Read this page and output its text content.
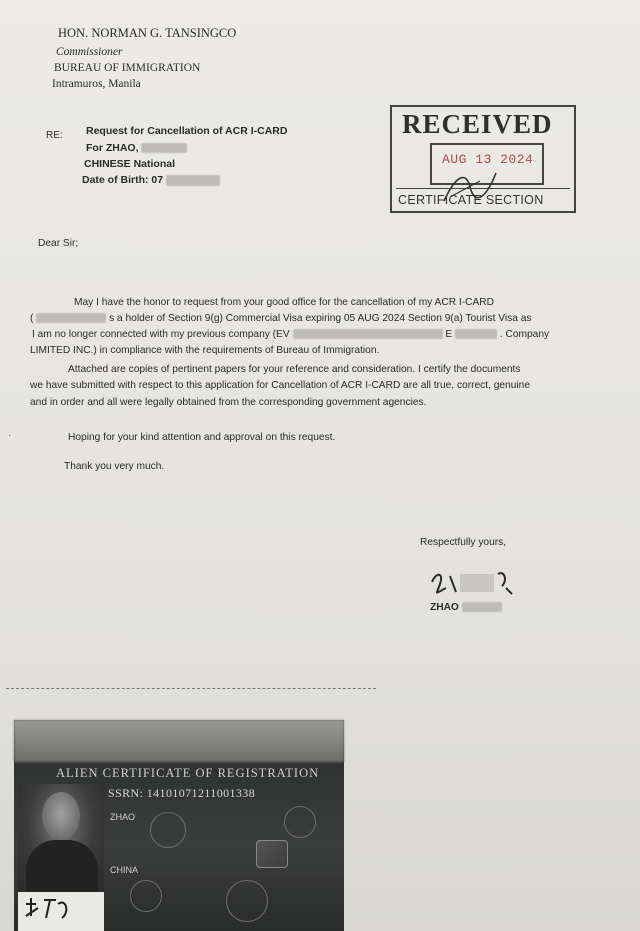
HON. NORMAN G. TANSINGCO
Commissioner
BUREAU OF IMMIGRATION
Intramuros, Manila
RE: Request for Cancellation of ACR I-CARD
For ZHAO,
CHINESE National
Date of Birth: 07
RECEIVED
AUG 13 2024
CERTIFICATE SECTION
Dear Sir;
May I have the honor to request from your good office for the cancellation of my ACR I-CARD
(	s a holder of Section 9(g) Commercial Visa expiring 05 AUG 2024 Section 9(a) Tourist Visa as
I am no longer connected with my previous company (EV	E	. Company
LIMITED INC.) in compliance with the requirements of Bureau of Immigration.
Attached are copies of pertinent papers for your reference and consideration. I certify the documents
we have submitted with respect to this application for Cancellation of ACR I-CARD are all true, correct, genuine
and in order and all were legally obtained from the corresponding government agencies.
Hoping for your kind attention and approval on this request.
Thank you very much.
Respectfully yours,
ZHAO
·
ALIEN CERTIFICATE OF REGISTRATION
SSRN: 14101071211001338
ZHAO
CHINA
